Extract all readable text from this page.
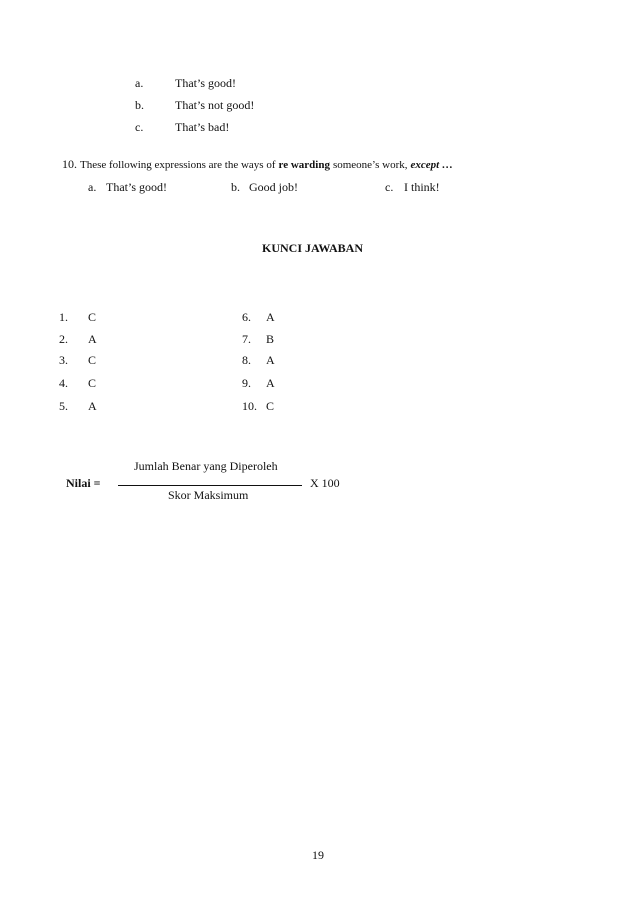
a.	That’s good!
b.	That’s not good!
c.	That’s bad!
10. These following expressions are the ways of re warding someone’s work, except …
a. That’s good!	b. Good job!	c. I think!
KUNCI JAWABAN
1. C
2. A
3. C
4. C
5. A
6. A
7. B
8. A
9. A
10. C
Nilai =
Jumlah Benar yang Diperoleh
Skor Maksimum
X 100
19
